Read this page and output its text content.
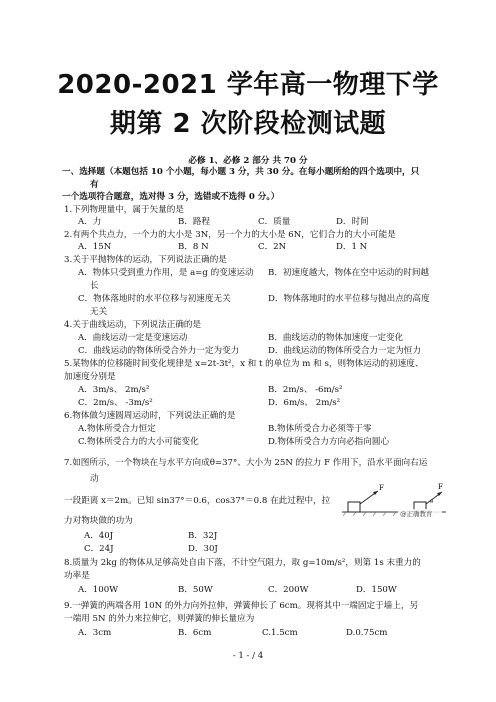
2020-2021 学年高一物理下学
期第 2 次阶段检测试题
必修 1、必修 2 部分 共 70 分
一、选择题（本题包括 10 个小题，每小题 3 分，共 30 分。在每小题所给的四个选项中，只
有
一个选项符合题意，选对得 3 分，选错或不选得 0 分。）
1.下列物理量中，属于矢量的是
A．力	B．路程	C．质量	D．时间
2.有两个共点力，一个力的大小是 3N，另一个力的大小是 6N，它们合力的大小可能是
A．15N	B．8 N	C．2N	D．1 N
3.关于平抛物体的运动，下列说法正确的是
A．物体只受到重力作用，是 a=g 的变速运动 B．初速度越大，物体在空中运动的时间越
长
C．物体落地时的水平位移与初速度无关	D．物体落地时的水平位移与抛出点的高度
无关
4.关于曲线运动，下列说法正确的是
A．曲线运动一定是变速运动	B．曲线运动的物体加速度一定变化
C．曲线运动的物体所受合外力一定为变力	D．曲线运动的物体所受合力一定为恒力
5.某物体的位移随时间变化规律是 x=2t-3t²，x 和 t 的单位为 m 和 s，则物体运动的初速度、
加速度分别是
A．3m/s、 2m/s²	B．2m/s、 -6m/s²
C．2m/s、 -3m/s²	D．6m/s、 2m/s²
6.物体做匀速圆周运动时，下列说法正确的是
A.物体所受合力恒定	B.物体所受合力必须等于零
C.物体所受合力的大小可能变化	D.物体所受合力方向必指向圆心
7.如图所示，一个物块在与水平方向成θ=37°、大小为 25N 的拉力 F 作用下，沿水平面向右运
动
一段距离 x＝2m。已知 sin37°＝0.6，cos37°＝0.8 在此过程中，拉
力对物块做的功为
A．40J	B．32J
C．24J	D．30J
F	F
θ
@正确教育
8.质量为 2kg 的物体从足够高处自由下落，不计空气阻力，取 g=10m/s²，则第 1s 末重力的
功率是
A．100W	B．50W	C．200W	D．150W
9.一弹簧的两端各用 10N 的外力向外拉伸，弹簧伸长了 6cm。现将其中一端固定于墙上，另
一端用 5N 的外力来拉伸它，则弹簧的伸长量应为
A．3cm	B．6cm	C.1.5cm	D.0.75cm
- 1 - / 4
